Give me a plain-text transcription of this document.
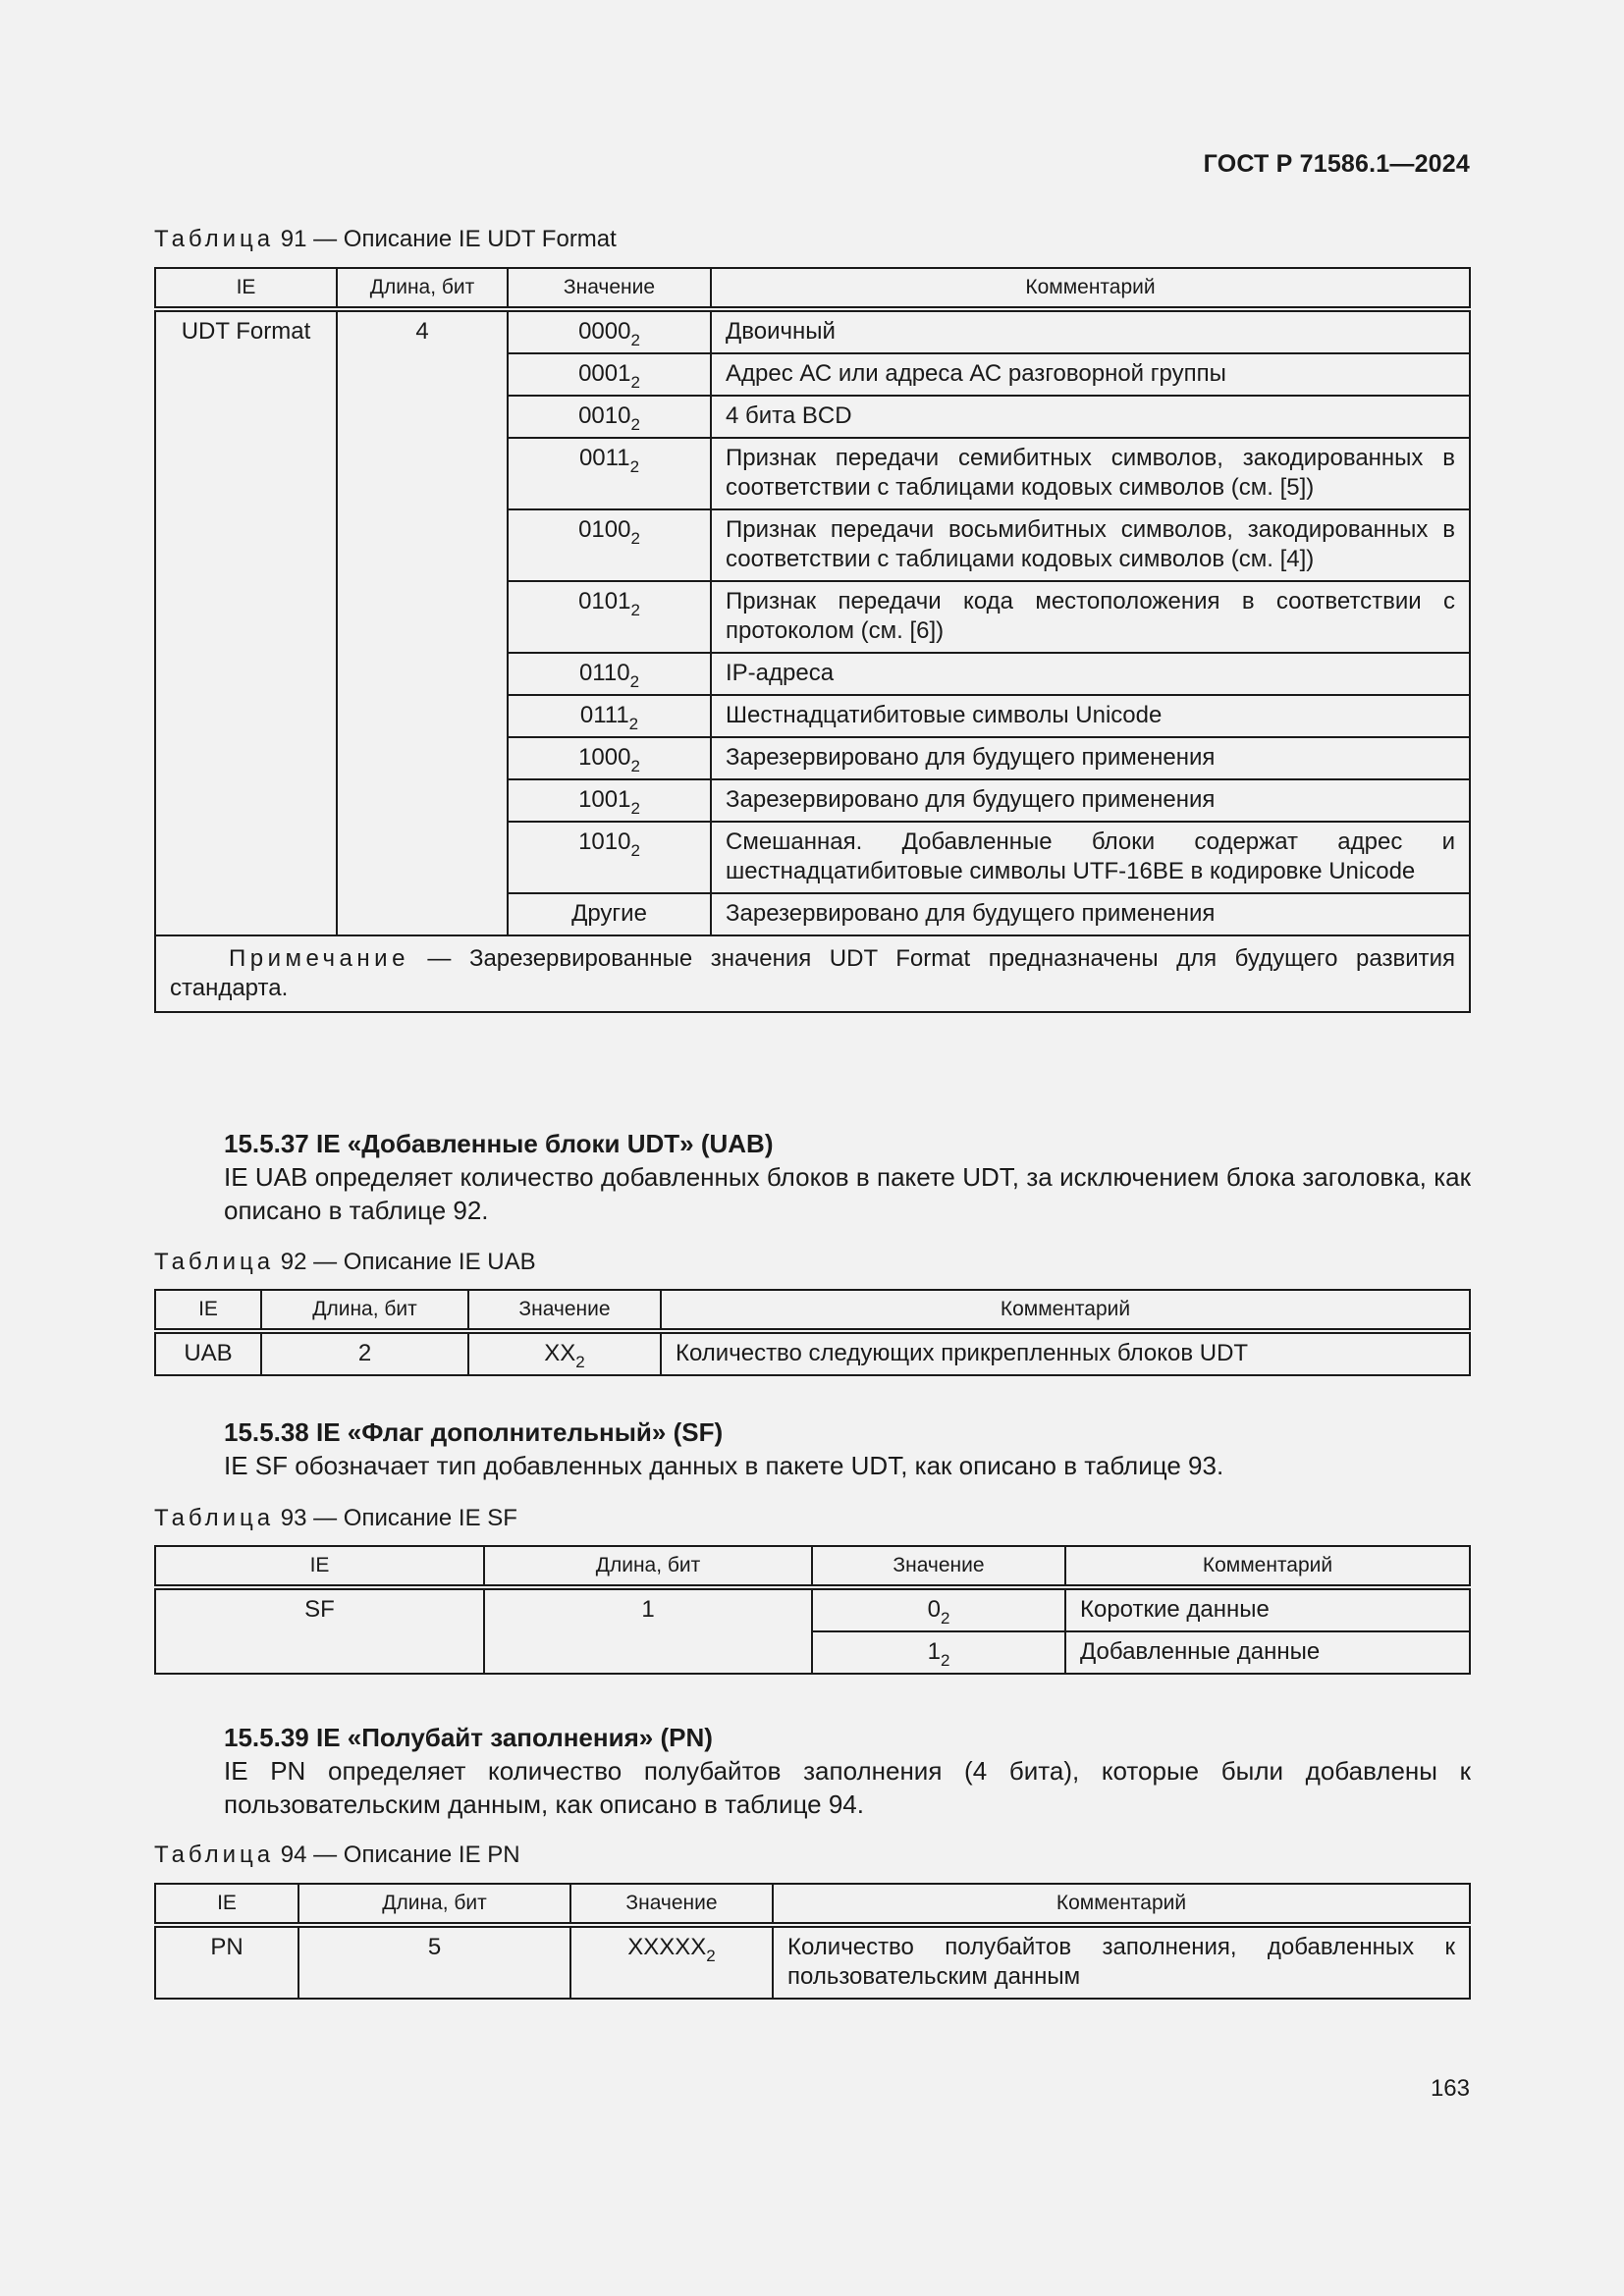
ГОСТ Р 71586.1—2024
Таблица 91 — Описание IE UDT Format
IE	Длина, бит	Значение	Комментарий
UDT Format	4	$0000_2$	Двоичный
		$0001_2$	Адрес АС или адреса АС разговорной группы
		$0010_2$	4 бита BCD
		$0011_2$	Признак передачи семибитных символов, закодированных в соответствии с таблицами кодовых символов (см. [5])
		$0100_2$	Признак передачи восьмибитных символов, закодированных в соответствии с таблицами кодовых символов (см. [4])
		$0101_2$	Признак передачи кода местоположения в соответствии с протоколом (см. [6])
		$0110_2$	IP-адреса
		$0111_2$	Шестнадцатибитовые символы Unicode
		$1000_2$	Зарезервировано для будущего применения
		$1001_2$	Зарезервировано для будущего применения
		$1010_2$	Смешанная. Добавленные блоки содержат адрес и шестнадцатибитовые символы UTF-16BE в кодировке Unicode
		Другие	Зарезервировано для будущего применения
Примечание — Зарезервированные значения UDT Format предназначены для будущего развития стандарта.			
15.5.37 IE «Добавленные блоки UDT» (UAB)
IE UAB определяет количество добавленных блоков в пакете UDT, за исключением блока заголовка, как описано в таблице 92.
Таблица 92 — Описание IE UAB
IE	Длина, бит	Значение	Комментарий
UAB	2	$XX_2$	Количество следующих прикрепленных блоков UDT
15.5.38 IE «Флаг дополнительный» (SF)
IE SF обозначает тип добавленных данных в пакете UDT, как описано в таблице 93.
Таблица 93 — Описание IE SF
IE	Длина, бит	Значение	Комментарий
SF	1	$0_2$	Короткие данные
		$1_2$	Добавленные данные
15.5.39 IE «Полубайт заполнения» (PN)
IE PN определяет количество полубайтов заполнения (4 бита), которые были добавлены к пользовательским данным, как описано в таблице 94.
Таблица 94 — Описание IE PN
IE	Длина, бит	Значение	Комментарий
PN	5	$XXXXX_2$	Количество полубайтов заполнения, добавленных к пользовательским данным
163
